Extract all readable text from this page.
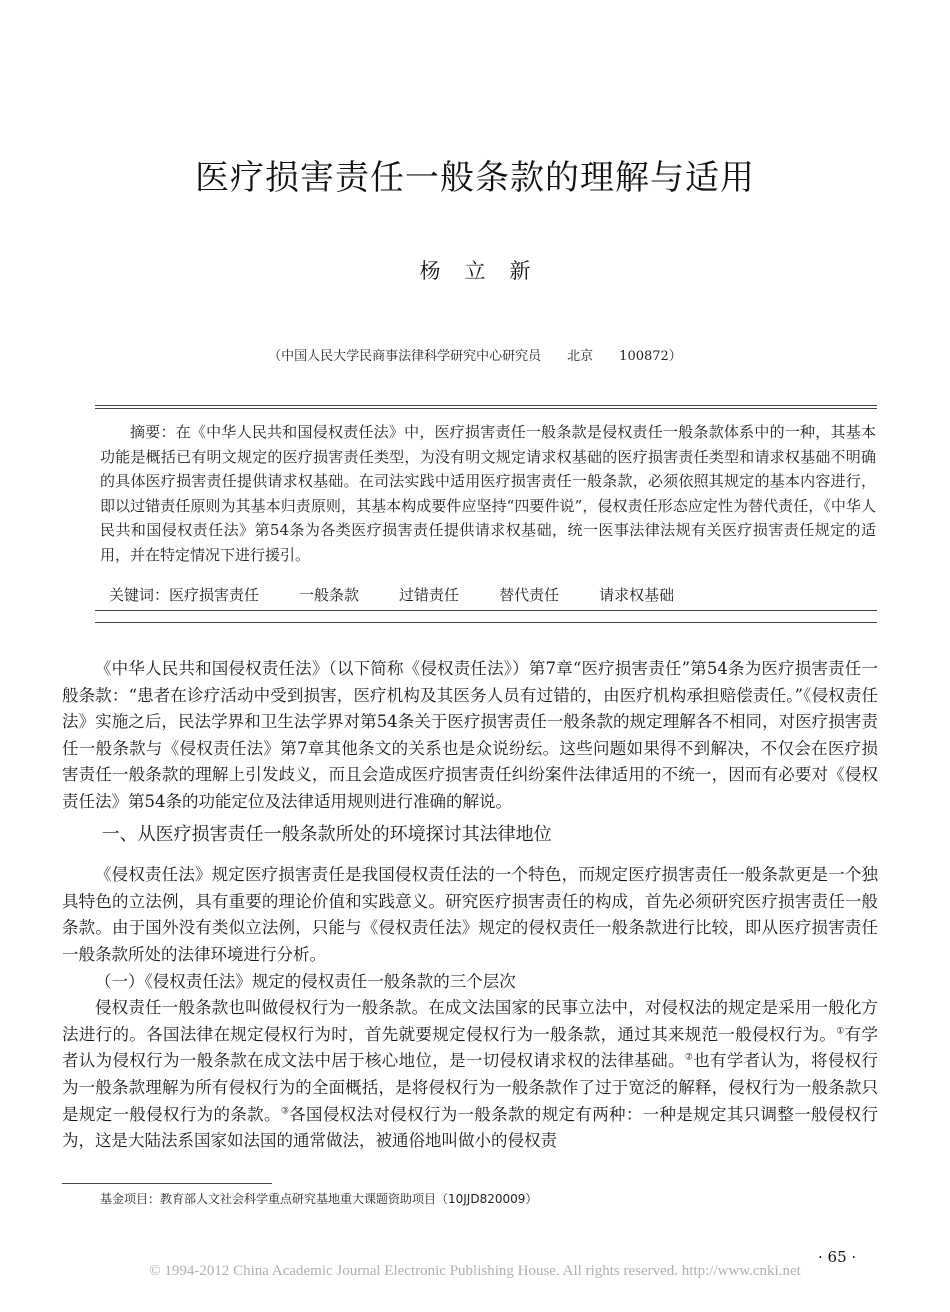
医疗损害责任一般条款的理解与适用
杨立新
（中国人民大学民商事法律科学研究中心研究员　　北京　　100872）
摘要：在《中华人民共和国侵权责任法》中，医疗损害责任一般条款是侵权责任一般条款体系中的一种，其基本功能是概括已有明文规定的医疗损害责任类型，为没有明文规定请求权基础的医疗损害责任类型和请求权基础不明确的具体医疗损害责任提供请求权基础。在司法实践中适用医疗损害责任一般条款，必须依照其规定的基本内容进行，即以过错责任原则为其基本归责原则，其基本构成要件应坚持“四要件说”，侵权责任形态应定性为替代责任，《中华人民共和国侵权责任法》第54条为各类医疗损害责任提供请求权基础，统一医事法律法规有关医疗损害责任规定的适用，并在特定情况下进行援引。
关键词：医疗损害责任	一般条款	过错责任	替代责任	请求权基础

《中华人民共和国侵权责任法》（以下简称《侵权责任法》）第7章“医疗损害责任”第54条为医疗损害责任一般条款：“患者在诊疗活动中受到损害，医疗机构及其医务人员有过错的，由医疗机构承担赔偿责任。”《侵权责任法》实施之后，民法学界和卫生法学界对第54条关于医疗损害责任一般条款的规定理解各不相同，对医疗损害责任一般条款与《侵权责任法》第7章其他条文的关系也是众说纷纭。这些问题如果得不到解决，不仅会在医疗损害责任一般条款的理解上引发歧义，而且会造成医疗损害责任纠纷案件法律适用的不统一，因而有必要对《侵权责任法》第54条的功能定位及法律适用规则进行准确的解说。

一、从医疗损害责任一般条款所处的环境探讨其法律地位

《侵权责任法》规定医疗损害责任是我国侵权责任法的一个特色，而规定医疗损害责任一般条款更是一个独具特色的立法例，具有重要的理论价值和实践意义。研究医疗损害责任的构成，首先必须研究医疗损害责任一般条款。由于国外没有类似立法例，只能与《侵权责任法》规定的侵权责任一般条款进行比较，即从医疗损害责任一般条款所处的法律环境进行分析。

（一）《侵权责任法》规定的侵权责任一般条款的三个层次

侵权责任一般条款也叫做侵权行为一般条款。在成文法国家的民事立法中，对侵权法的规定是采用一般化方法进行的。各国法律在规定侵权行为时，首先就要规定侵权行为一般条款，通过其来规范一般侵权行为。①有学者认为侵权行为一般条款在成文法中居于核心地位，是一切侵权请求权的法律基础。②也有学者认为，将侵权行为一般条款理解为所有侵权行为的全面概括，是将侵权行为一般条款作了过于宽泛的解释，侵权行为一般条款只是规定一般侵权行为的条款。③各国侵权法对侵权行为一般条款的规定有两种：一种是规定其只调整一般侵权行为，这是大陆法系国家如法国的通常做法，被通俗地叫做小的侵权责

基金项目：教育部人文社会科学重点研究基地重大课题资助项目（10JJD820009）
· 65 ·
© 1994-2012 China Academic Journal Electronic Publishing House. All rights reserved. http://www.cnki.net
